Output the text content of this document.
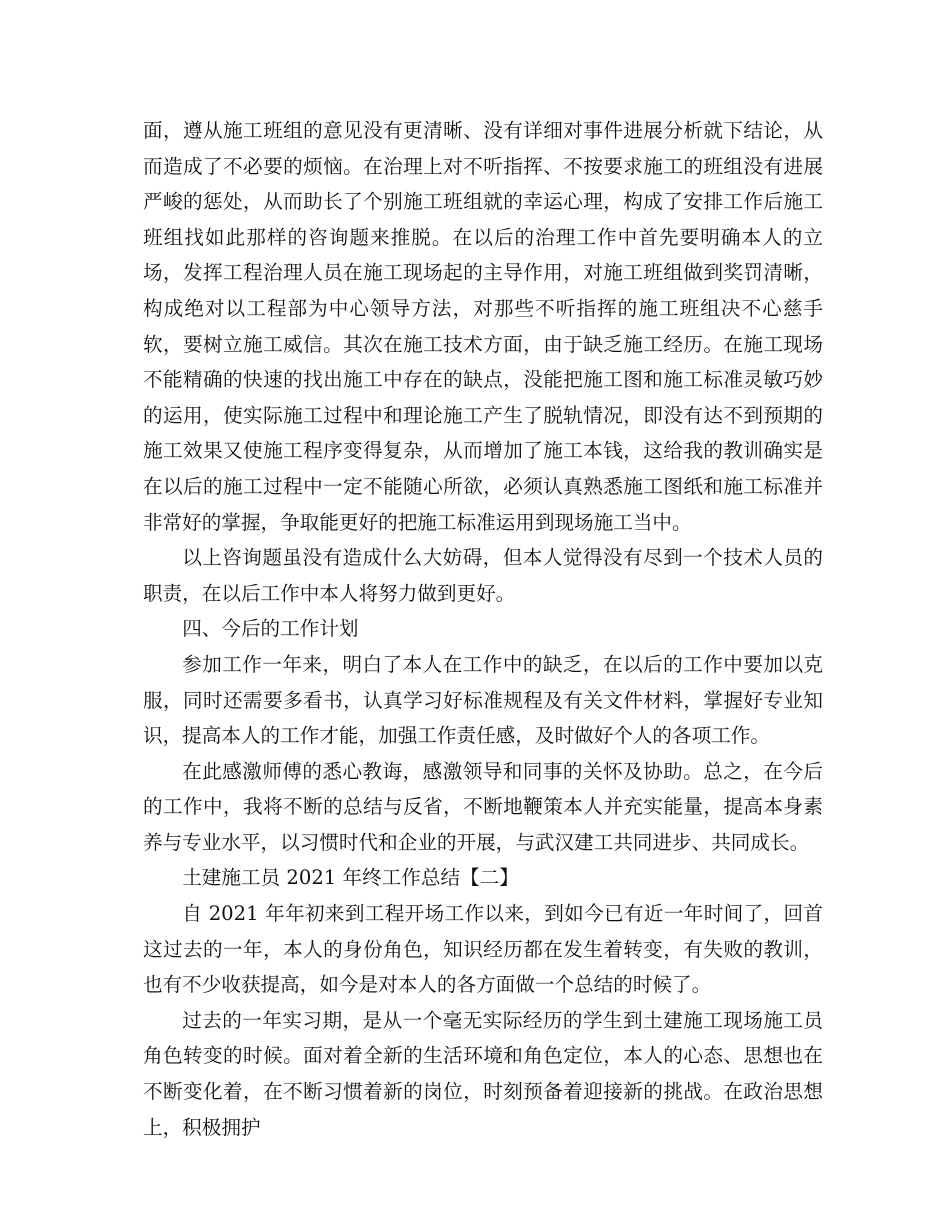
面，遵从施工班组的意见没有更清晰、没有详细对事件进展分析就下结论，从而造成了不必要的烦恼。在治理上对不听指挥、不按要求施工的班组没有进展严峻的惩处，从而助长了个别施工班组就的幸运心理，构成了安排工作后施工班组找如此那样的咨询题来推脱。在以后的治理工作中首先要明确本人的立场，发挥工程治理人员在施工现场起的主导作用，对施工班组做到奖罚清晰，构成绝对以工程部为中心领导方法，对那些不听指挥的施工班组决不心慈手软，要树立施工威信。其次在施工技术方面，由于缺乏施工经历。在施工现场不能精确的快速的找出施工中存在的缺点，没能把施工图和施工标准灵敏巧妙的运用，使实际施工过程中和理论施工产生了脱轨情况，即没有达不到预期的施工效果又使施工程序变得复杂，从而增加了施工本钱，这给我的教训确实是在以后的施工过程中一定不能随心所欲，必须认真熟悉施工图纸和施工标准并非常好的掌握，争取能更好的把施工标准运用到现场施工当中。

以上咨询题虽没有造成什么大妨碍，但本人觉得没有尽到一个技术人员的职责，在以后工作中本人将努力做到更好。

四、今后的工作计划

参加工作一年来，明白了本人在工作中的缺乏，在以后的工作中要加以克服，同时还需要多看书，认真学习好标准规程及有关文件材料，掌握好专业知识，提高本人的工作才能，加强工作责任感，及时做好个人的各项工作。

在此感激师傅的悉心教诲，感激领导和同事的关怀及协助。总之，在今后的工作中，我将不断的总结与反省，不断地鞭策本人并充实能量，提高本身素养与专业水平，以习惯时代和企业的开展，与武汉建工共同进步、共同成长。

土建施工员 2021 年终工作总结【二】

自 2021 年年初来到工程开场工作以来，到如今已有近一年时间了，回首这过去的一年，本人的身份角色，知识经历都在发生着转变，有失败的教训，也有不少收获提高，如今是对本人的各方面做一个总结的时候了。

过去的一年实习期，是从一个毫无实际经历的学生到土建施工现场施工员角色转变的时候。面对着全新的生活环境和角色定位，本人的心态、思想也在不断变化着，在不断习惯着新的岗位，时刻预备着迎接新的挑战。在政治思想上，积极拥护
